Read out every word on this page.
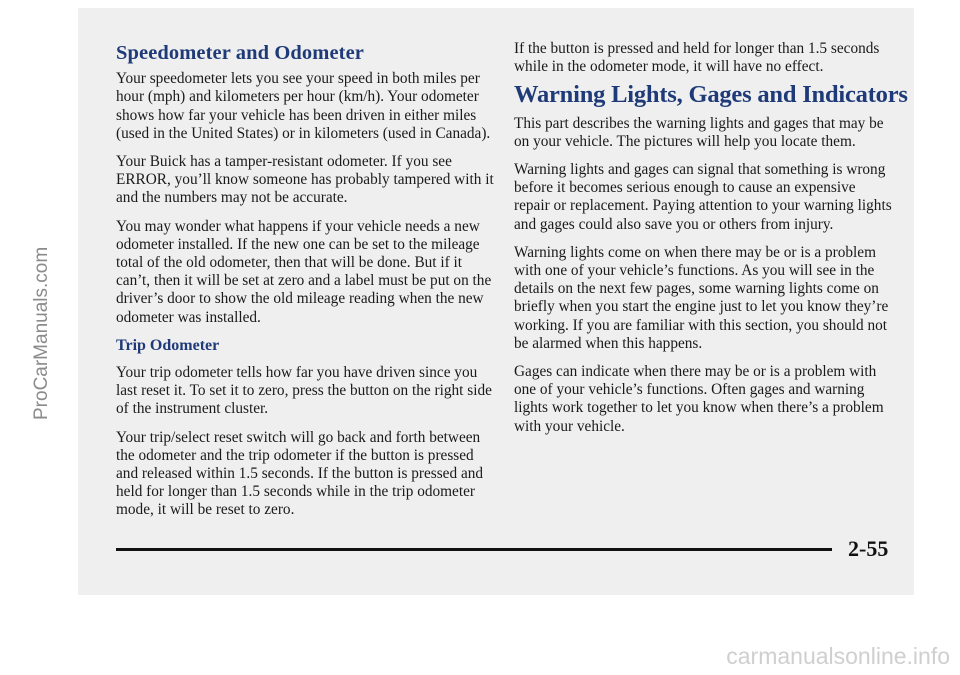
Speedometer and Odometer

Your speedometer lets you see your speed in both miles per hour (mph) and kilometers per hour (km/h). Your odometer shows how far your vehicle has been driven in either miles (used in the United States) or in kilometers (used in Canada).

Your Buick has a tamper-resistant odometer. If you see ERROR, you’ll know someone has probably tampered with it and the numbers may not be accurate.

You may wonder what happens if your vehicle needs a new odometer installed. If the new one can be set to the mileage total of the old odometer, then that will be done. But if it can’t, then it will be set at zero and a label must be put on the driver’s door to show the old mileage reading when the new odometer was installed.

Trip Odometer

Your trip odometer tells how far you have driven since you last reset it. To set it to zero, press the button on the right side of the instrument cluster.

Your trip/select reset switch will go back and forth between the odometer and the trip odometer if the button is pressed and released within 1.5 seconds. If the button is pressed and held for longer than 1.5 seconds while in the trip odometer mode, it will be reset to zero.

If the button is pressed and held for longer than 1.5 seconds while in the odometer mode, it will have no effect.

Warning Lights, Gages and Indicators

This part describes the warning lights and gages that may be on your vehicle. The pictures will help you locate them.

Warning lights and gages can signal that something is wrong before it becomes serious enough to cause an expensive repair or replacement. Paying attention to your warning lights and gages could also save you or others from injury.

Warning lights come on when there may be or is a problem with one of your vehicle’s functions. As you will see in the details on the next few pages, some warning lights come on briefly when you start the engine just to let you know they’re working. If you are familiar with this section, you should not be alarmed when this happens.

Gages can indicate when there may be or is a problem with one of your vehicle’s functions. Often gages and warning lights work together to let you know when there’s a problem with your vehicle.

2-55
ProCarManuals.com
carmanualsonline.info
